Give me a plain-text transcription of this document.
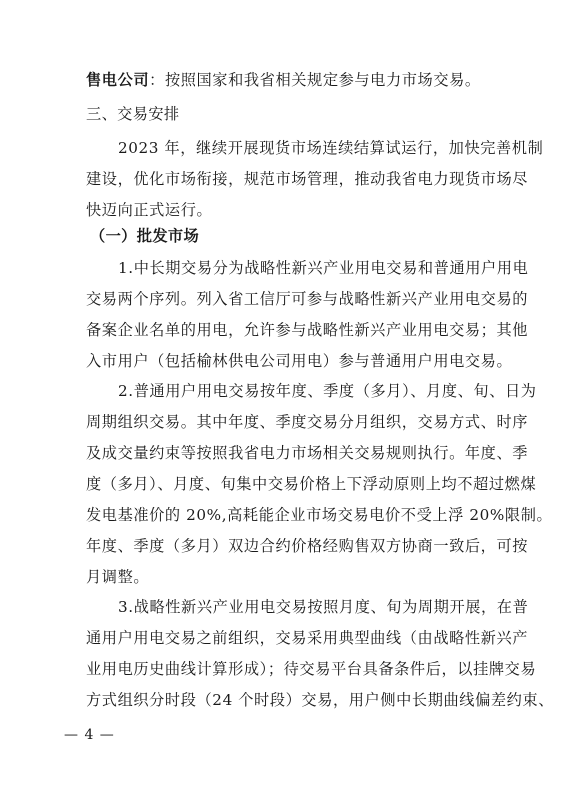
售电公司：按照国家和我省相关规定参与电力市场交易。
三、交易安排
2023 年，继续开展现货市场连续结算试运行，加快完善机制
建设，优化市场衔接，规范市场管理，推动我省电力现货市场尽
快迈向正式运行。
（一）批发市场
1.中长期交易分为战略性新兴产业用电交易和普通用户用电
交易两个序列。列入省工信厅可参与战略性新兴产业用电交易的
备案企业名单的用电，允许参与战略性新兴产业用电交易；其他
入市用户（包括榆林供电公司用电）参与普通用户用电交易。
2.普通用户用电交易按年度、季度（多月）、月度、旬、日为
周期组织交易。其中年度、季度交易分月组织，交易方式、时序
及成交量约束等按照我省电力市场相关交易规则执行。年度、季
度（多月）、月度、旬集中交易价格上下浮动原则上均不超过燃煤
发电基准价的 20%,高耗能企业市场交易电价不受上浮 20%限制。
年度、季度（多月）双边合约价格经购售双方协商一致后，可按
月调整。
3.战略性新兴产业用电交易按照月度、旬为周期开展，在普
通用户用电交易之前组织，交易采用典型曲线（由战略性新兴产
业用电历史曲线计算形成）；待交易平台具备条件后，以挂牌交易
方式组织分时段（24 个时段）交易，用户侧中长期曲线偏差约束、
— 4 —
